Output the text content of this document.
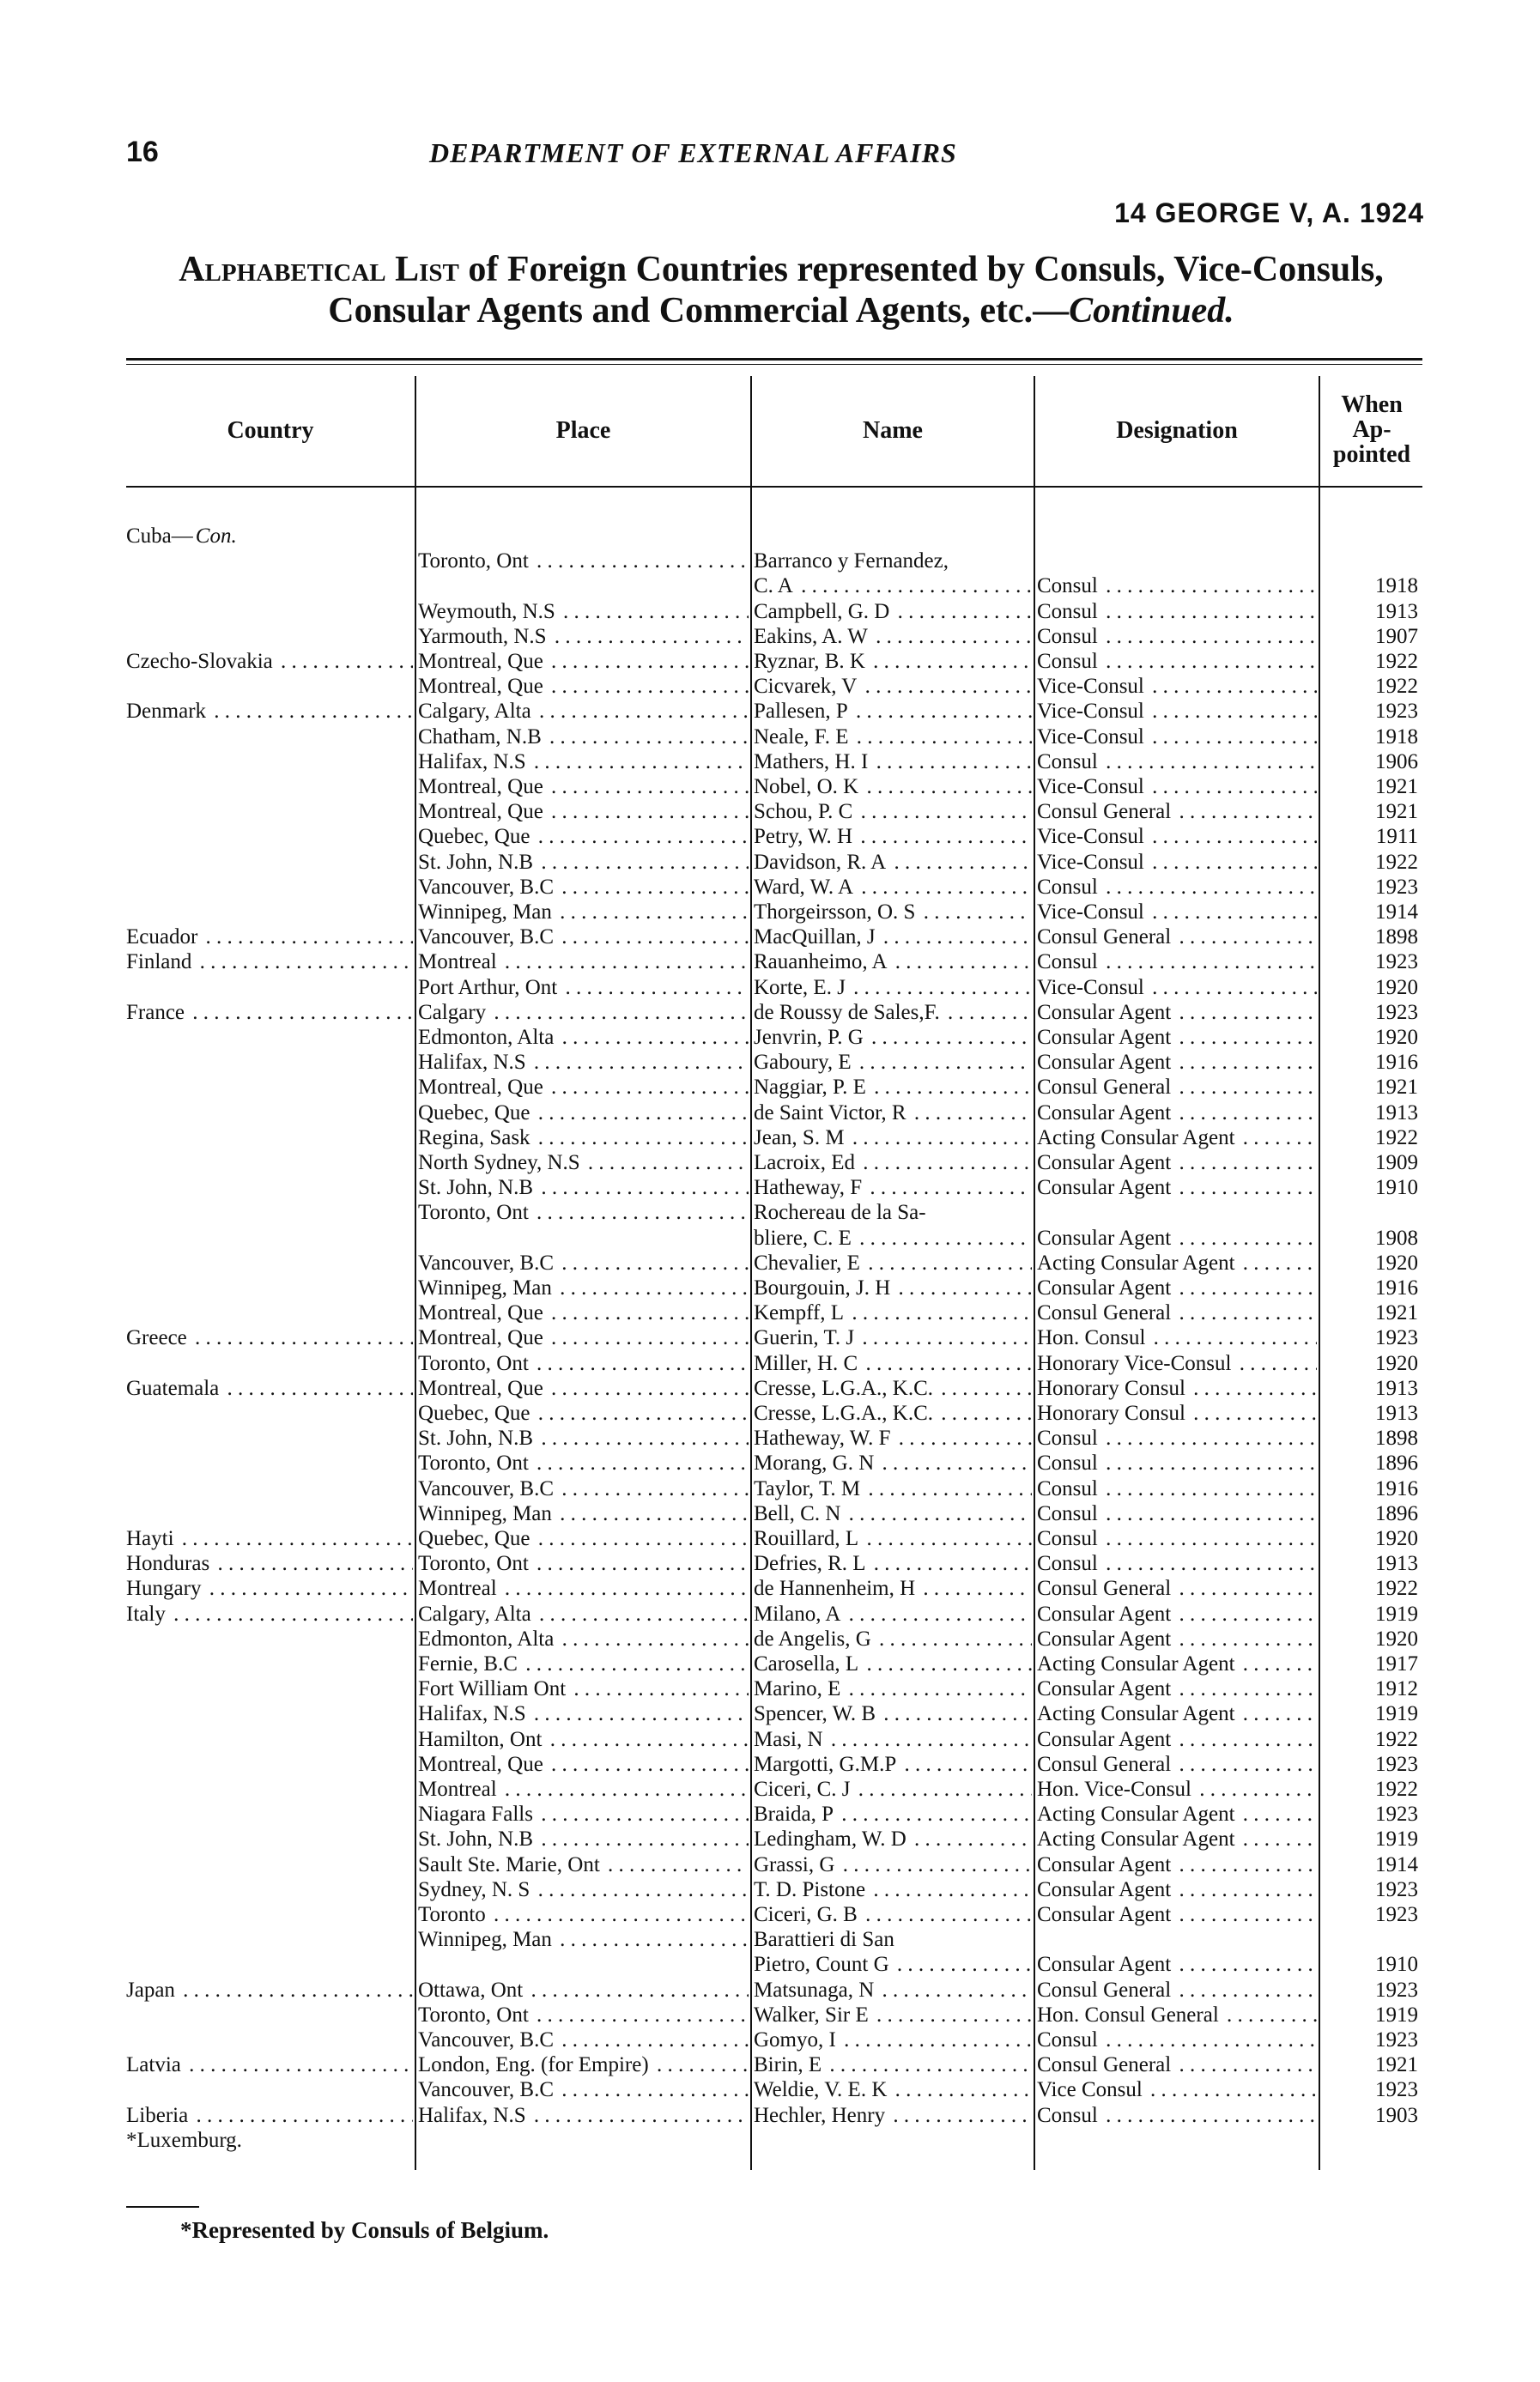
16	DEPARTMENT OF EXTERNAL AFFAIRS
14 GEORGE V, A. 1924
Alphabetical List of Foreign Countries represented by Consuls, Vice-Consuls,
Consular Agents and Commercial Agents, etc.—Continued.
Country	Place	Name	Designation
When
Ap-
pointed
Cuba— Con.
Toronto, Ont . . .	Barranco y Fernandez,
C. A . . .	Consul . . .	1918
Weymouth, N.S . . .	Campbell, G. D . . .	Consul . . .	1913
Yarmouth, N.S . . .	Eakins, A. W . . .	Consul . . .	1907
Czecho-Slovakia . . .	Montreal, Que . . .	Ryznar, B. K . . .	Consul . . .	1922
Montreal, Que . . .	Cicvarek, V . . .	Vice-Consul . . .	1922
Denmark . . .	Calgary, Alta . . .	Pallesen, P . . .	Vice-Consul . . .	1923
Chatham, N.B . . .	Neale, F. E . . .	Vice-Consul . . .	1918
Halifax, N.S . . .	Mathers, H. I . . .	Consul . . .	1906
Montreal, Que . . .	Nobel, O. K . . .	Vice-Consul . . .	1921
Montreal, Que . . .	Schou, P. C . . .	Consul General . . .	1921
Quebec, Que . . .	Petry, W. H . . .	Vice-Consul . . .	1911
St. John, N.B . . .	Davidson, R. A . . .	Vice-Consul . . .	1922
Vancouver, B.C . . .	Ward, W. A . . .	Consul . . .	1923
Winnipeg, Man . . .	Thorgeirsson, O. S . . .	Vice-Consul . . .	1914
Ecuador . . .	Vancouver, B.C . . .	MacQuillan, J . . .	Consul General . . .	1898
Finland . . .	Montreal . . .	Rauanheimo, A . . .	Consul . . .	1923
Port Arthur, Ont . . .	Korte, E. J . . .	Vice-Consul . . .	1920
France . . .	Calgary . . .	de Roussy de Sales,F. . . .	Consular Agent . . .	1923
Edmonton, Alta . . .	Jenvrin, P. G . . .	Consular Agent . . .	1920
Halifax, N.S . . .	Gaboury, E . . .	Consular Agent . . .	1916
Montreal, Que . . .	Naggiar, P. E . . .	Consul General . . .	1921
Quebec, Que . . .	de Saint Victor, R . . .	Consular Agent . . .	1913
Regina, Sask . . .	Jean, S. M . . .	Acting Consular Agent . . .	1922
North Sydney, N.S . . .	Lacroix, Ed . . .	Consular Agent . . .	1909
St. John, N.B . . .	Hatheway, F . . .	Consular Agent . . .	1910
Toronto, Ont . . .	Rochereau de la Sa-
bliere, C. E . . .	Consular Agent . . .	1908
Vancouver, B.C . . .	Chevalier, E . . .	Acting Consular Agent . . .	1920
Winnipeg, Man . . .	Bourgouin, J. H . . .	Consular Agent . . .	1916
Montreal, Que . . .	Kempff, L . . .	Consul General . . .	1921
Greece . . .	Montreal, Que . . .	Guerin, T. J . . .	Hon. Consul . . .	1923
Toronto, Ont . . .	Miller, H. C . . .	Honorary Vice-Consul . . .	1920
Guatemala . . .	Montreal, Que . . .	Cresse, L.G.A., K.C. . . .	Honorary Consul . . .	1913
Quebec, Que . . .	Cresse, L.G.A., K.C. . . .	Honorary Consul . . .	1913
St. John, N.B . . .	Hatheway, W. F . . .	Consul . . .	1898
Toronto, Ont . . .	Morang, G. N . . .	Consul . . .	1896
Vancouver, B.C . . .	Taylor, T. M . . .	Consul . . .	1916
Winnipeg, Man . . .	Bell, C. N . . .	Consul . . .	1896
Hayti . . .	Quebec, Que . . .	Rouillard, L . . .	Consul . . .	1920
Honduras . . .	Toronto, Ont . . .	Defries, R. L . . .	Consul . . .	1913
Hungary . . .	Montreal . . .	de Hannenheim, H . . .	Consul General . . .	1922
Italy . . .	Calgary, Alta . . .	Milano, A . . .	Consular Agent . . .	1919
Edmonton, Alta . . .	de Angelis, G . . .	Consular Agent . . .	1920
Fernie, B.C . . .	Carosella, L . . .	Acting Consular Agent . . .	1917
Fort William Ont . . .	Marino, E . . .	Consular Agent . . .	1912
Halifax, N.S . . .	Spencer, W. B . . .	Acting Consular Agent . . .	1919
Hamilton, Ont . . .	Masi, N . . .	Consular Agent . . .	1922
Montreal, Que . . .	Margotti, G.M.P . . .	Consul General . . .	1923
Montreal . . .	Ciceri, C. J . . .	Hon. Vice-Consul . . .	1922
Niagara Falls . . .	Braida, P . . .	Acting Consular Agent . . .	1923
St. John, N.B . . .	Ledingham, W. D . . .	Acting Consular Agent . . .	1919
Sault Ste. Marie, Ont . . .	Grassi, G . . .	Consular Agent . . .	1914
Sydney, N. S . . .	T. D. Pistone . . .	Consular Agent . . .	1923
Toronto . . .	Ciceri, G. B . . .	Consular Agent . . .	1923
Winnipeg, Man . . .	Barattieri di San
Pietro, Count G . . .	Consular Agent . . .	1910
Japan . . .	Ottawa, Ont . . .	Matsunaga, N . . .	Consul General . . .	1923
Toronto, Ont . . .	Walker, Sir E . . .	Hon. Consul General . . .	1919
Vancouver, B.C . . .	Gomyo, I . . .	Consul . . .	1923
Latvia . . .	London, Eng. (for Empire) . . .	Birin, E . . .	Consul General . . .	1921
Vancouver, B.C . . .	Weldie, V. E. K . . .	Vice Consul . . .	1923
Liberia . . .	Halifax, N.S . . .	Hechler, Henry . . .	Consul . . .	1903
*Luxemburg.
*Represented by Consuls of Belgium.
